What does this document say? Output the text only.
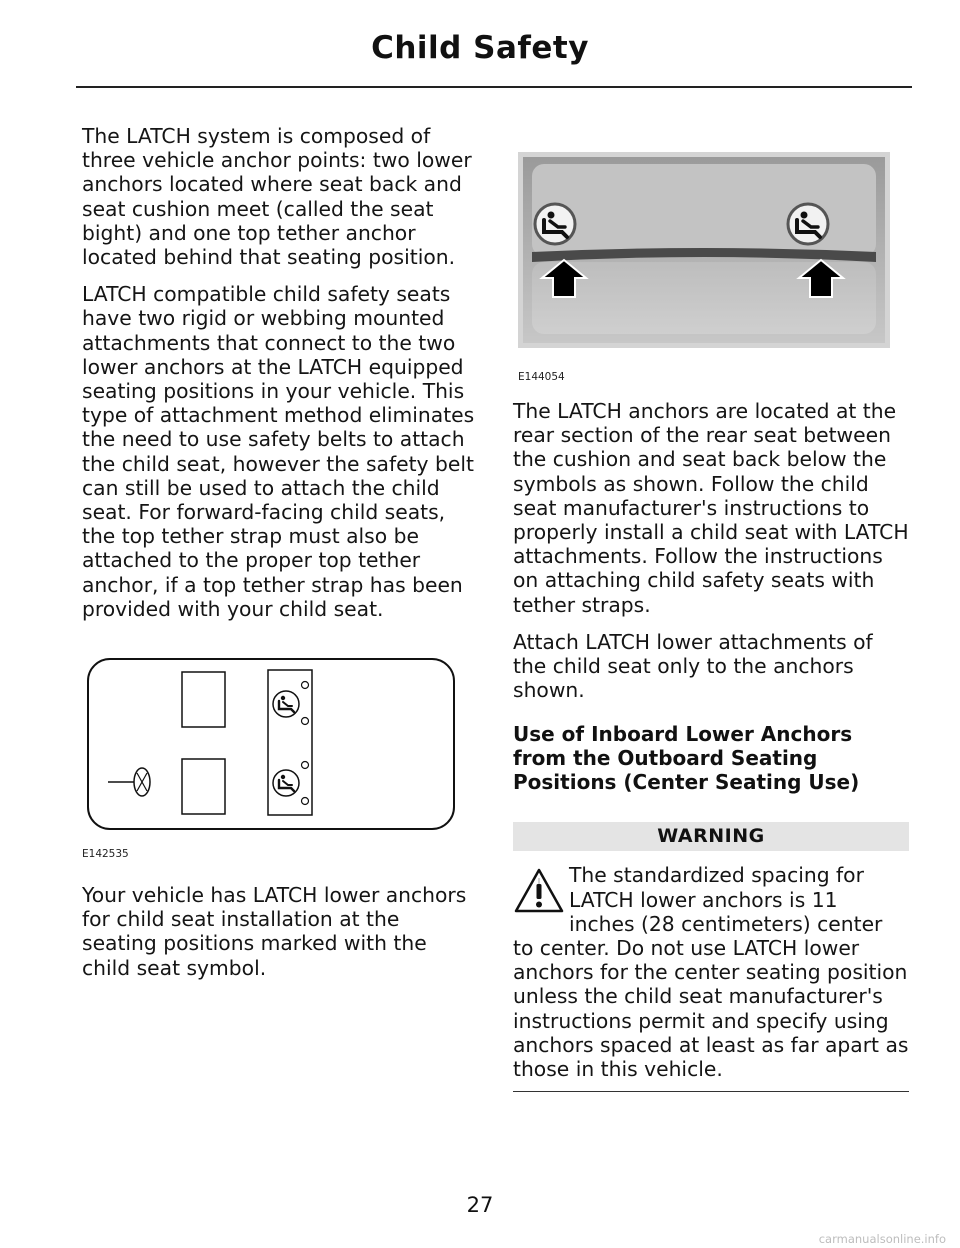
Child Safety

The LATCH system is composed of three vehicle anchor points: two lower anchors located where seat back and seat cushion meet (called the seat bight) and one top tether anchor located behind that seating position.

LATCH compatible child safety seats have two rigid or webbing mounted attachments that connect to the two lower anchors at the LATCH equipped seating positions in your vehicle. This type of attachment method eliminates the need to use safety belts to attach the child seat, however the safety belt can still be used to attach the child seat. For forward-facing child seats, the top tether strap must also be attached to the proper top tether anchor, if a top tether strap has been provided with your child seat.

E142535

Your vehicle has LATCH lower anchors for child seat installation at the seating positions marked with the child seat symbol.

E144054

The LATCH anchors are located at the rear section of the rear seat between the cushion and seat back below the symbols as shown. Follow the child seat manufacturer's instructions to properly install a child seat with LATCH attachments. Follow the instructions on attaching child safety seats with tether straps.

Attach LATCH lower attachments of the child seat only to the anchors shown.

Use of Inboard Lower Anchors from the Outboard Seating Positions (Center Seating Use)
WARNING

The standardized spacing for LATCH lower anchors is 11 inches (28 centimeters) center to center. Do not use LATCH lower anchors for the center seating position unless the child seat manufacturer's instructions permit and specify using anchors spaced at least as far apart as those in this vehicle.

27
carmanualsonline.info
